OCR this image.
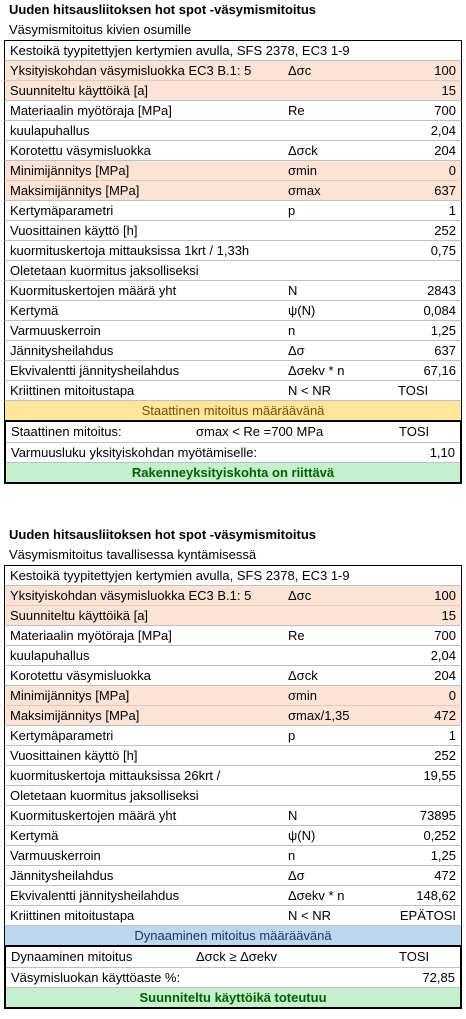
Uuden hitsausliitoksen hot spot -väsymismitoitus
Väsymismitoitus kivien osumille
Kestoikä tyypitettyjen kertymien avulla, SFS 2378, EC3 1-9
Yksityiskohdan väsymisluokka EC3 B.1: 5	Δσc	100
Suunniteltu käyttöikä [a]	15
Materiaalin myötöraja [MPa]	Re	700
kuulapuhallus	2,04
Korotettu väsymisluokka	Δσck	204
Minimijännitys [MPa]	σmin	0
Maksimijännitys [MPa]	σmax	637
Kertymäparametri	p	1
Vuosittainen käyttö [h]	252
kuormituskertoja mittauksissa 1krt / 1,33h	0,75
Oletetaan kuormitus jaksolliseksi
Kuormituskertojen määrä yht	N	2843
Kertymä	ψ(N)	0,084
Varmuuskerroin	n	1,25
Jännitysheilahdus	Δσ	637
Ekvivalentti jännitysheilahdus	Δσekv * n	67,16
Kriittinen mitoitustapa	N < NR	TOSI
Staattinen mitoitus määräävänä
Staattinen mitoitus:	σmax < Re =700 MPa	TOSI
Varmuusluku yksityiskohdan myötämiselle:	1,10
Rakenneyksityiskohta on riittävä
Uuden hitsausliitoksen hot spot -väsymismitoitus
Väsymismitoitus tavallisessa kyntämisessä
Kestoikä tyypitettyjen kertymien avulla, SFS 2378, EC3 1-9
Yksityiskohdan väsymisluokka EC3 B.1: 5	Δσc	100
Suunniteltu käyttöikä [a]	15
Materiaalin myötöraja [MPa]	Re	700
kuulapuhallus	2,04
Korotettu väsymisluokka	Δσck	204
Minimijännitys [MPa]	σmin	0
Maksimijännitys [MPa]	σmax/1,35	472
Kertymäparametri	p	1
Vuosittainen käyttö [h]	252
kuormituskertoja mittauksissa 26krt /	19,55
Oletetaan kuormitus jaksolliseksi
Kuormituskertojen määrä yht	N	73895
Kertymä	ψ(N)	0,252
Varmuuskerroin	n	1,25
Jännitysheilahdus	Δσ	472
Ekvivalentti jännitysheilahdus	Δσekv * n	148,62
Kriittinen mitoitustapa	N < NR	EPÄTOSI
Dynaaminen mitoitus määräävänä
Dynaaminen mitoitus	Δσck ≥ Δσekv	TOSI
Väsymisluokan käyttöaste %:	72,85
Suunniteltu käyttöikä toteutuu
